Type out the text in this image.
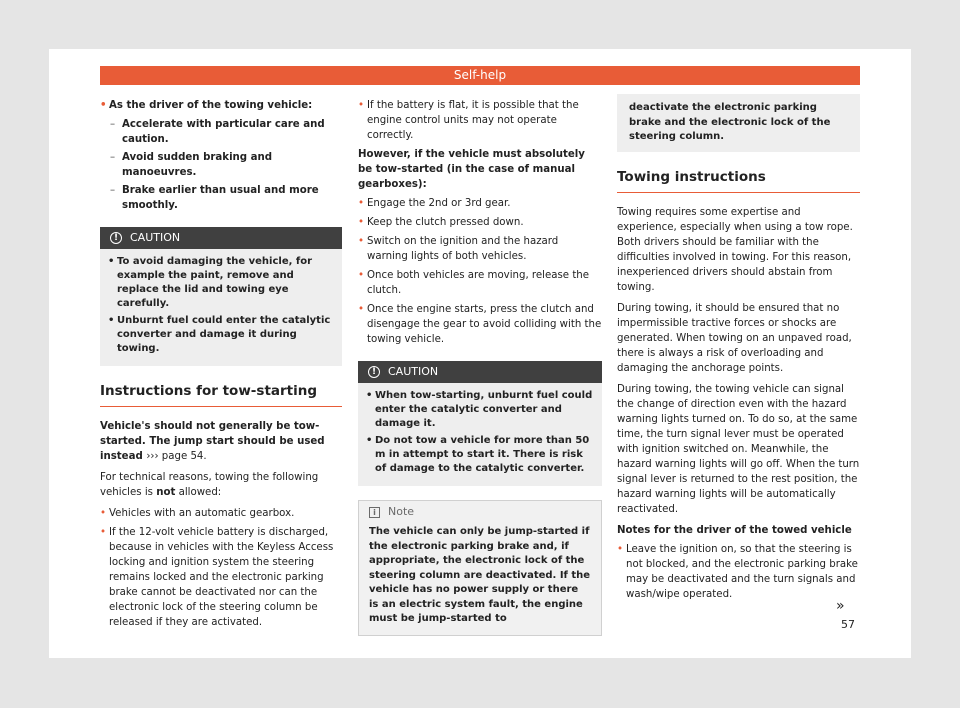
Self-help
• As the driver of the towing vehicle:
– Accelerate with particular care and caution.
– Avoid sudden braking and manoeuvres.
– Brake earlier than usual and more smoothly.
!	CAUTION
• To avoid damaging the vehicle, for example the paint, remove and replace the lid and towing eye carefully.
• Unburnt fuel could enter the catalytic converter and damage it during towing.
Instructions for tow-starting

Vehicle's should not generally be tow-started. The jump start should be used instead ››› page 54.

For technical reasons, towing the following vehicles is not allowed:

• Vehicles with an automatic gearbox.
• If the 12-volt vehicle battery is discharged, because in vehicles with the Keyless Access locking and ignition system the steering remains locked and the electronic parking brake cannot be deactivated nor can the electronic lock of the steering column be released if they are activated.
• If the battery is flat, it is possible that the engine control units may not operate correctly.

However, if the vehicle must absolutely be tow-started (in the case of manual gearboxes):

• Engage the 2nd or 3rd gear.
• Keep the clutch pressed down.
• Switch on the ignition and the hazard warning lights of both vehicles.
• Once both vehicles are moving, release the clutch.
• Once the engine starts, press the clutch and disengage the gear to avoid colliding with the towing vehicle.
!	CAUTION
• When tow-starting, unburnt fuel could enter the catalytic converter and damage it.
• Do not tow a vehicle for more than 50 m in attempt to start it. There is risk of damage to the catalytic converter.
i	Note
The vehicle can only be jump-started if the electronic parking brake and, if appropriate, the electronic lock of the steering column are deactivated. If the vehicle has no power supply or there is an electric system fault, the engine must be jump-started to
deactivate the electronic parking brake and the electronic lock of the steering column.
Towing instructions

Towing requires some expertise and experience, especially when using a tow rope. Both drivers should be familiar with the difficulties involved in towing. For this reason, inexperienced drivers should abstain from towing.

During towing, it should be ensured that no impermissible tractive forces or shocks are generated. When towing on an unpaved road, there is always a risk of overloading and damaging the anchorage points.

During towing, the towing vehicle can signal the change of direction even with the hazard warning lights turned on. To do so, at the same time, the turn signal lever must be operated with ignition switched on. Meanwhile, the hazard warning lights will go off. When the turn signal lever is returned to the rest position, the hazard warning lights will be automatically reactivated.

Notes for the driver of the towed vehicle

• Leave the ignition on, so that the steering is not blocked, and the electronic parking brake may be deactivated and the turn signals and wash/wipe operated.
»
57
